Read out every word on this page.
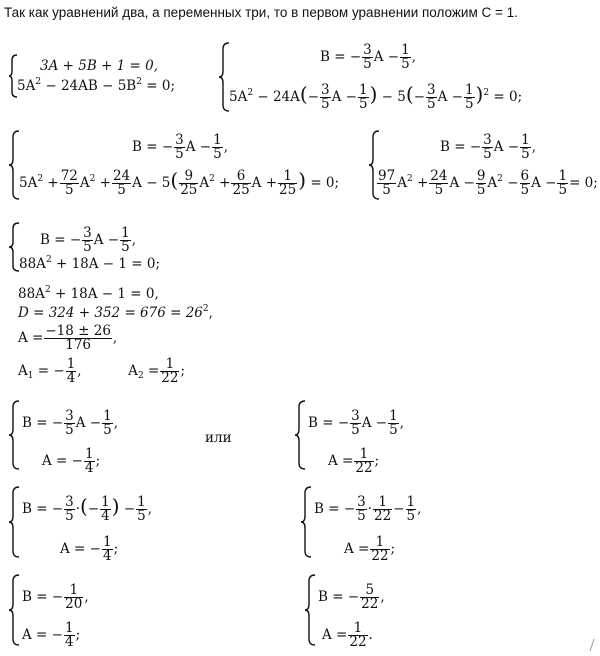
Так как уравнений два, а переменных три, то в первом уравнении положим С = 1.
3A + 5B + 1 = 0,
$5A^2 - 24AB - 5B^2 = 0$;
B = − $\frac{3}{5}$ $A - \frac{1}{5}$ ,
$5A^2 - 24A(- \frac{3}{5}$ $A - \frac{1}{5}$ ) − $5(- \frac{3}{5}$ $A - \frac{1}{5} )^2 = 0$;
B = − $\frac{3}{5}$ $A - \frac{1}{5}$ ,
$5A^2 + \frac{72}{5} A^2 + \frac{24}{5}$ $A - 5( \frac{9}{25} A^2 + \frac{6}{25}$ $A + \frac{1}{25}$ ) = 0;
B = − $\frac{3}{5}$ $A - \frac{1}{5}$ ,
$\frac{97}{5} A^2 + \frac{24}{5}$ $A - \frac{9}{5} A^2 - \frac{6}{5}$ $A - \frac{1}{5} = 0$;
B = − $\frac{3}{5}$ $A - \frac{1}{5}$ ,
$88A^2 + 18A - 1 = 0$;
$88A^2 + 18A - 1 = 0$,
$D = 324 + 352 = 676 = 26^2$,
$A = \frac{-18 \pm 26}{176}$ ,
$A_1$ = − $\frac{1}{4}$ ,	$A_2 = \frac{1}{22}$ ;
B = − $\frac{3}{5}$ $A - \frac{1}{5}$ ,
A = − $\frac{1}{4}$ ;
или
B = − $\frac{3}{5}$ $A - \frac{1}{5}$ ,
$A = \frac{1}{22}$ ;
B = − $\frac{3}{5}$ ·(− $\frac{1}{4}$ ) − $\frac{1}{5}$ ,
A = − $\frac{1}{4}$ ;
B = − $\frac{3}{5} \cdot \frac{1}{22} - \frac{1}{5}$ ,
$A = \frac{1}{22}$ ;
B = − $\frac{1}{20}$ ,
A = − $\frac{1}{4}$ ;
B = − $\frac{5}{22}$ ,
$A = \frac{1}{22}$ .
